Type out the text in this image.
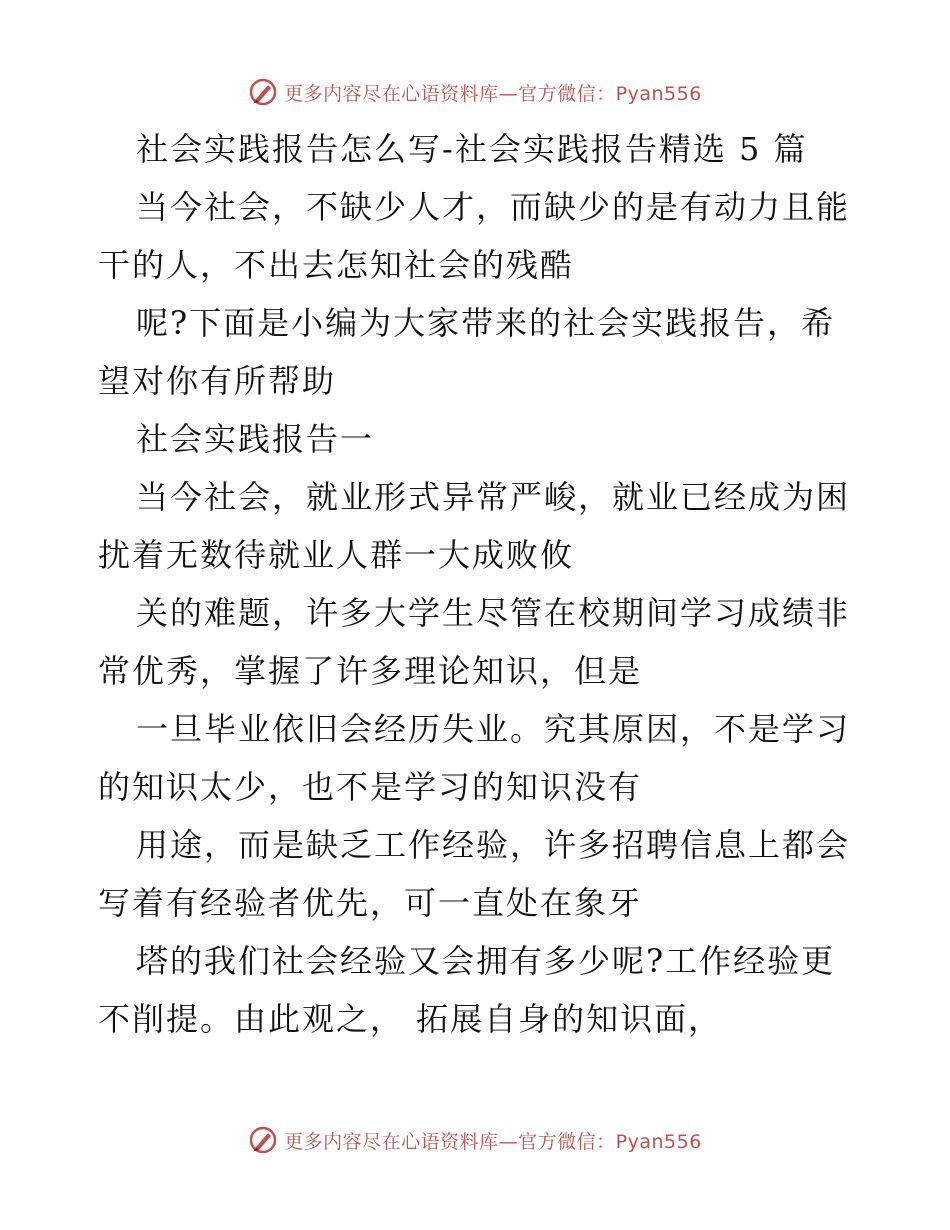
更多内容尽在心语资料库—官方微信：Pyan556
社会实践报告怎么写-社会实践报告精选 5 篇
当今社会，不缺少人才，而缺少的是有动力且能
干的人，不出去怎知社会的残酷
呢?下面是小编为大家带来的社会实践报告，希
望对你有所帮助
社会实践报告一
当今社会，就业形式异常严峻，就业已经成为困
扰着无数待就业人群一大成败攸
关的难题，许多大学生尽管在校期间学习成绩非
常优秀，掌握了许多理论知识，但是
一旦毕业依旧会经历失业。究其原因，不是学习
的知识太少，也不是学习的知识没有
用途，而是缺乏工作经验，许多招聘信息上都会
写着有经验者优先，可一直处在象牙
塔的我们社会经验又会拥有多少呢?工作经验更
不削提。由此观之， 拓展自身的知识面，
更多内容尽在心语资料库—官方微信：Pyan556
